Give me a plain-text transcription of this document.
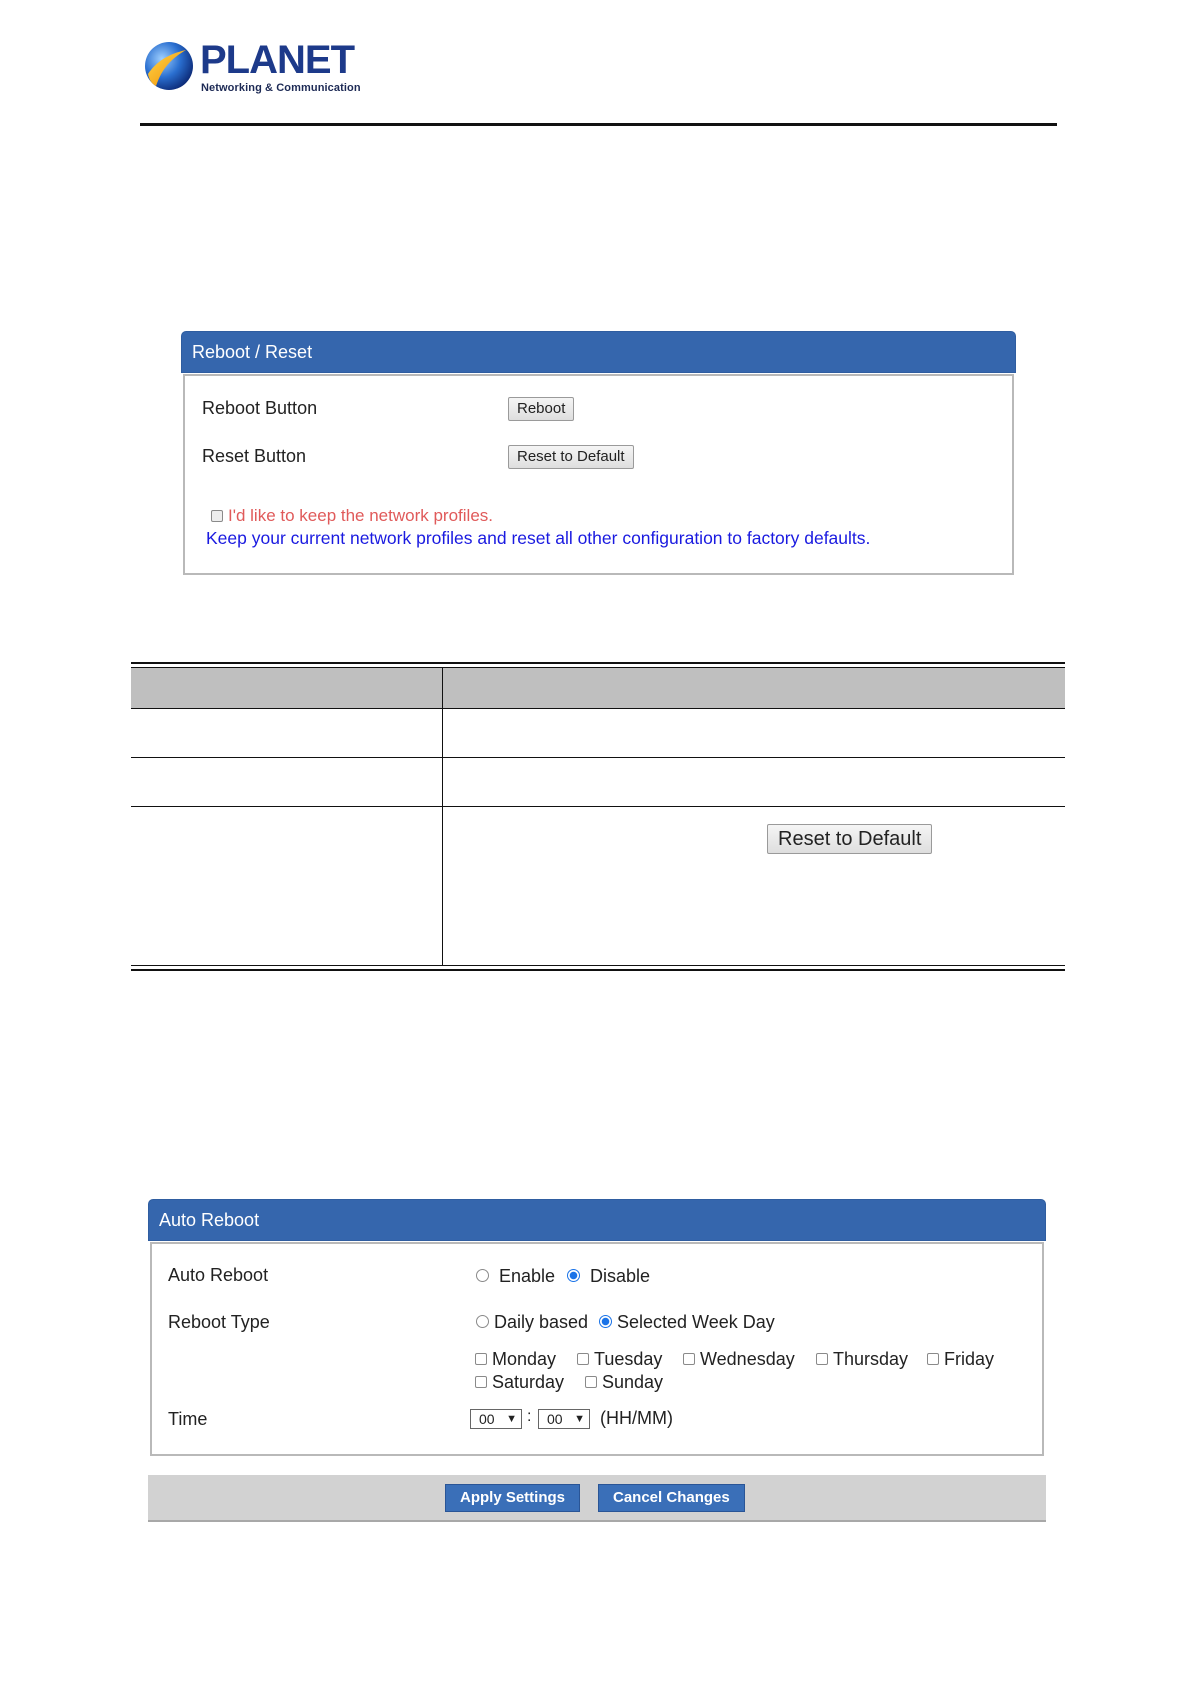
PLANET
Networking & Communication
Reboot / Reset
Reboot Button	Reboot
Reset Button	Reset to Default
I'd like to keep the network profiles.
Keep your current network profiles and reset all other configuration to factory defaults.
Reset to Default
Auto Reboot
Auto Reboot	Enable Disable
Reboot Type	Daily based Selected Week Day
Monday Tuesday Wednesday Thursday Friday
Saturday Sunday
Time	00 ▼ : 00 ▼ (HH/MM)
Apply Settings	Cancel Changes
